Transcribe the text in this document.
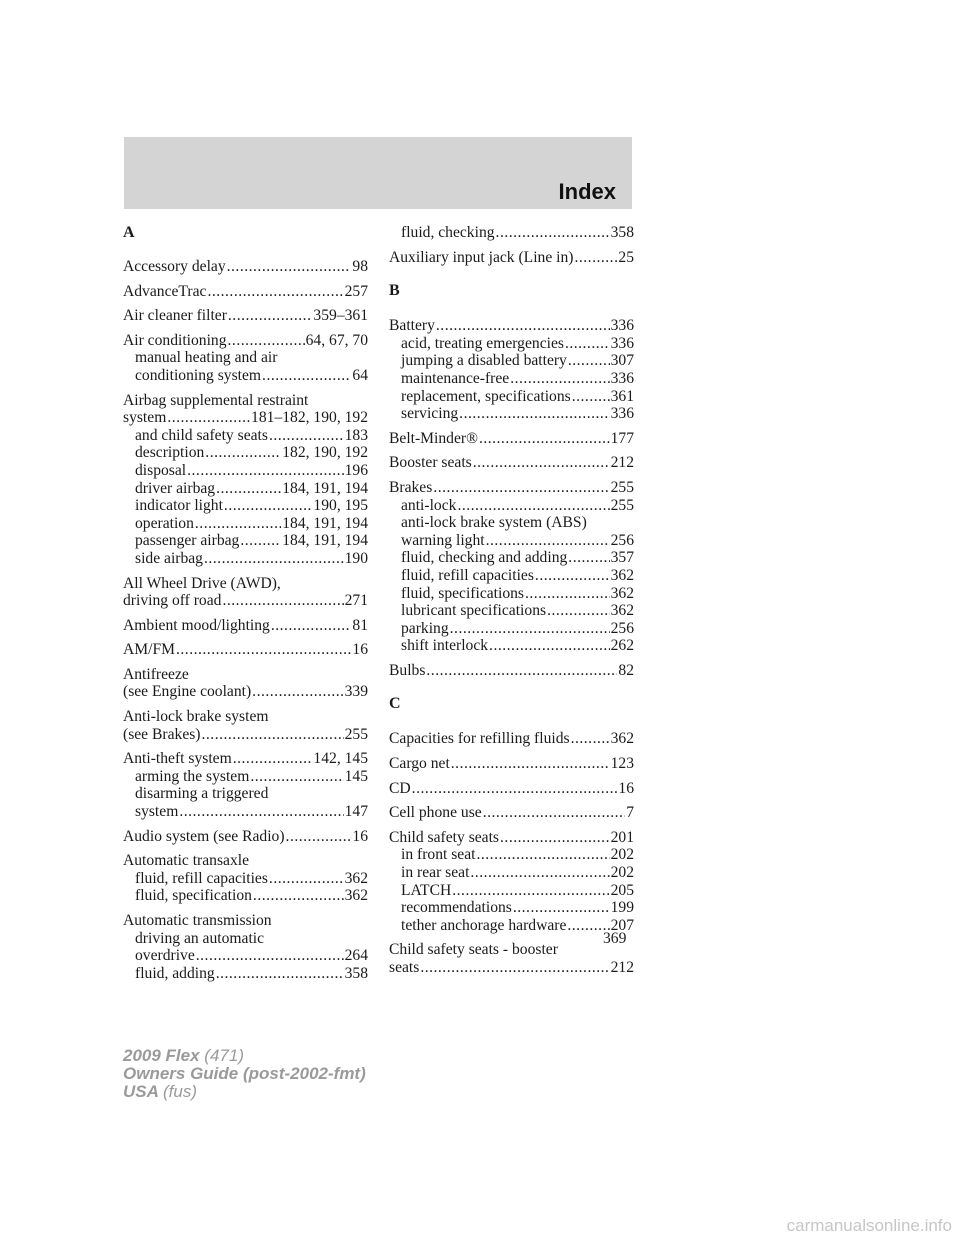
Index
A
Accessory delay .....	98
AdvanceTrac .....	257
Air cleaner filter .....	359–361
Air conditioning .....	64, 67, 70
manual heating and air
conditioning system .....	64
Airbag supplemental restraint
system .....	181–182, 190, 192
and child safety seats .....	183
description .....	182, 190, 192
disposal .....	196
driver airbag .....	184, 191, 194
indicator light .....	190, 195
operation .....	184, 191, 194
passenger airbag .....	184, 191, 194
side airbag .....	190
All Wheel Drive (AWD),
driving off road .....	271
Ambient mood/lighting .....	81
AM/FM .....	16
Antifreeze
(see Engine coolant) .....	339
Anti-lock brake system
(see Brakes) .....	255
Anti-theft system .....	142, 145
arming the system .....	145
disarming a triggered
system .....	147
Audio system (see Radio) .....	16
Automatic transaxle
fluid, refill capacities .....	362
fluid, specification .....	362
Automatic transmission
driving an automatic
overdrive .....	264
fluid, adding .....	358
fluid, checking .....	358
Auxiliary input jack (Line in) .....	25
B
Battery .....	336
acid, treating emergencies .....	336
jumping a disabled battery .....	307
maintenance-free .....	336
replacement, specifications .....	361
servicing .....	336
Belt-Minder® .....	177
Booster seats .....	212
Brakes .....	255
anti-lock .....	255
anti-lock brake system (ABS)
warning light .....	256
fluid, checking and adding .....	357
fluid, refill capacities .....	362
fluid, specifications .....	362
lubricant specifications .....	362
parking .....	256
shift interlock .....	262
Bulbs .....	82
C
Capacities for refilling fluids .....	362
Cargo net .....	123
CD .....	16
Cell phone use .....	7
Child safety seats .....	201
in front seat .....	202
in rear seat .....	202
LATCH .....	205
recommendations .....	199
tether anchorage hardware .....	207
Child safety seats - booster
seats .....	212
369
2009 Flex (471)
Owners Guide (post-2002-fmt)
USA (fus)
carmanualsonline.info
